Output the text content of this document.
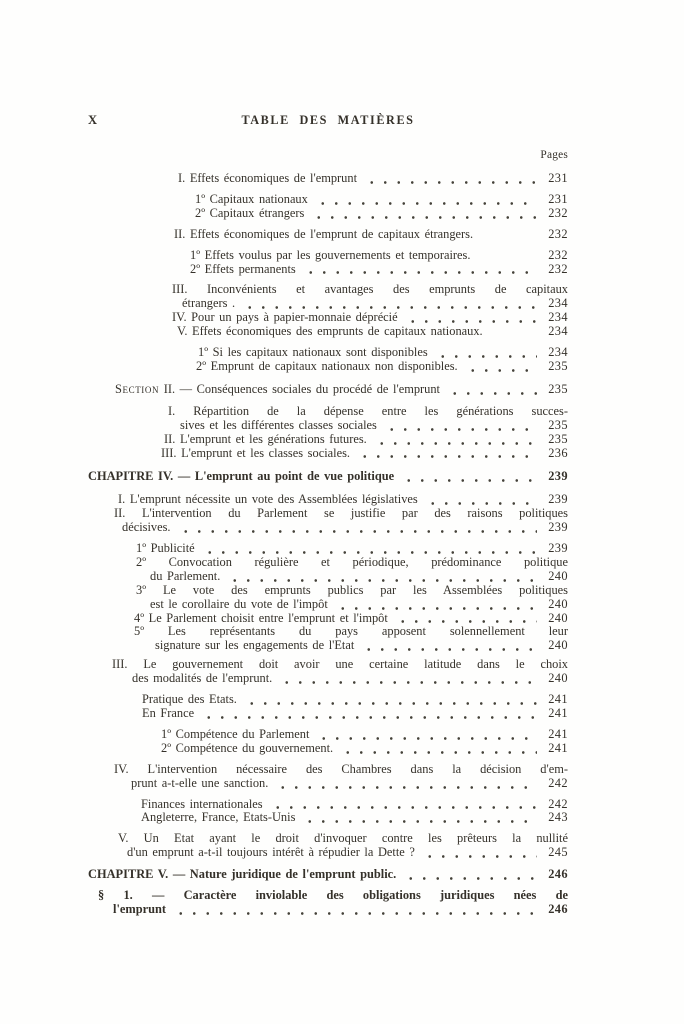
X	TABLE DES MATIÈRES
Pages
I. Effets économiques de l'emprunt	231
1º Capitaux nationaux	231
2º Capitaux étrangers	232
II. Effets économiques de l'emprunt de capitaux étrangers.	232
1º Effets voulus par les gouvernements et temporaires.	232
2º Effets permanents	232
III. Inconvénients et avantages des emprunts de capitaux
étrangers .	234
IV. Pour un pays à papier-monnaie déprécié	234
V. Effets économiques des emprunts de capitaux nationaux.	234
1º Si les capitaux nationaux sont disponibles	234
2º Emprunt de capitaux nationaux non disponibles.	235
Section II. — Conséquences sociales du procédé de l'emprunt	235
I. Répartition de la dépense entre les générations succes-
sives et les différentes classes sociales	235
II. L'emprunt et les générations futures.	235
III. L'emprunt et les classes sociales.	236
CHAPITRE IV. — L'emprunt au point de vue politique	239
I. L'emprunt nécessite un vote des Assemblées législatives	239
II. L'intervention du Parlement se justifie par des raisons politiques
décisives.	239
1º Publicité	239
2º Convocation régulière et périodique, prédominance politique
du Parlement.	240
3º Le vote des emprunts publics par les Assemblées politiques
est le corollaire du vote de l'impôt	240
4º Le Parlement choisit entre l'emprunt et l'impôt	240
5º Les représentants du pays apposent solennellement leur
signature sur les engagements de l'Etat	240
III. Le gouvernement doit avoir une certaine latitude dans le choix
des modalités de l'emprunt.	240
Pratique des Etats.	241
En France	241
1º Compétence du Parlement	241
2º Compétence du gouvernement.	241
IV. L'intervention nécessaire des Chambres dans la décision d'em-
prunt a-t-elle une sanction.	242
Finances internationales	242
Angleterre, France, Etats-Unis	243
V. Un Etat ayant le droit d'invoquer contre les prêteurs la nullité
d'un emprunt a-t-il toujours intérêt à répudier la Dette ?	245
CHAPITRE V. — Nature juridique de l'emprunt public.	246
§ 1. — Caractère inviolable des obligations juridiques nées de
l'emprunt	246
